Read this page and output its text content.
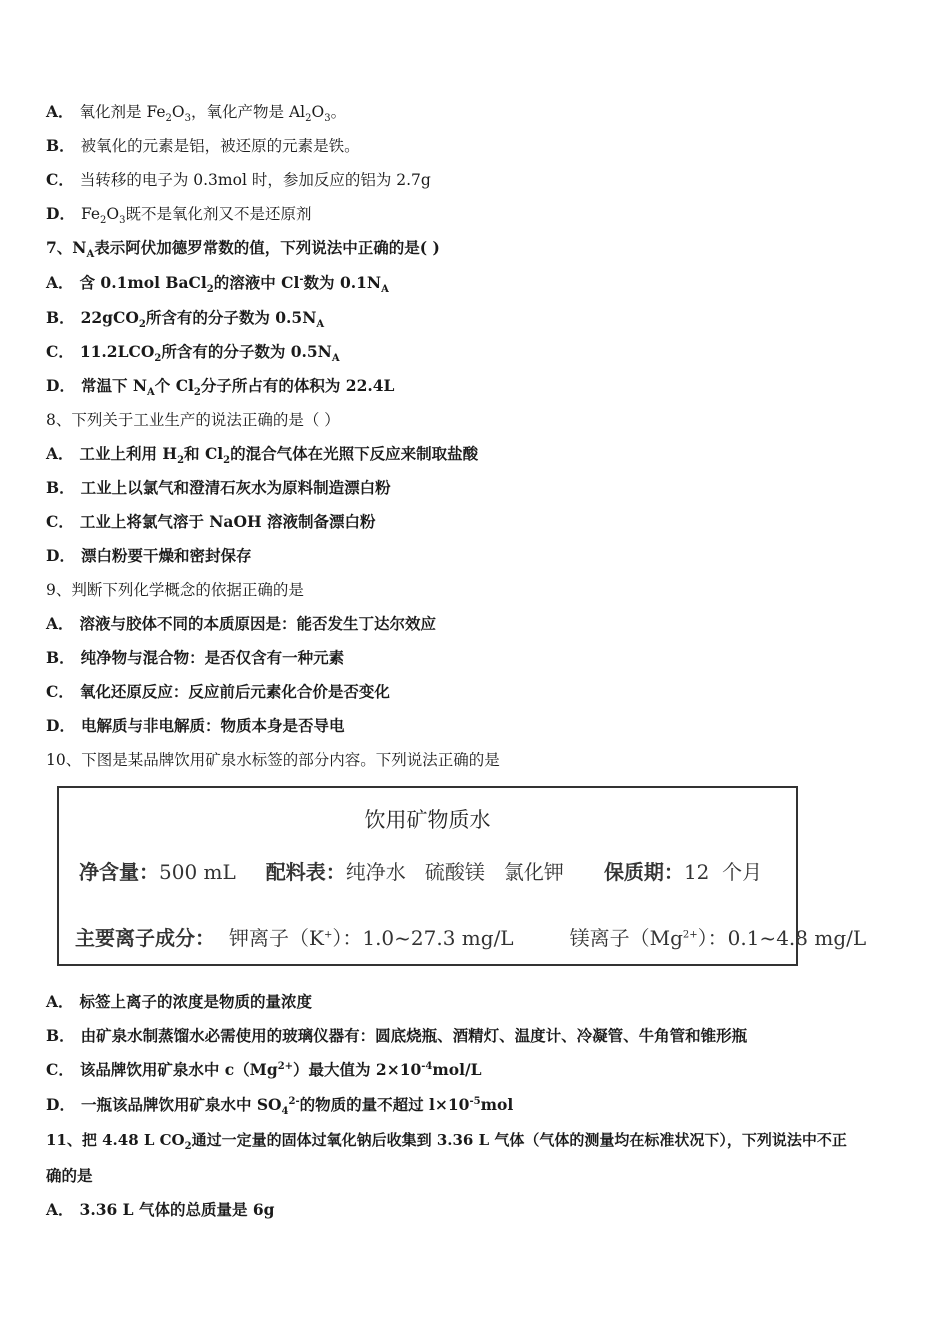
A． 氧化剂是 $Fe_2O_3$，氧化产物是 $Al_2O_3$。
B． 被氧化的元素是铝，被还原的元素是铁。
C． 当转移的电子为 0.3mol 时，参加反应的铝为 2.7g
D． $Fe_2O_3$既不是氧化剂又不是还原剂
7、$N_A$表示阿伏加德罗常数的值，下列说法中正确的是( )
A． 含 0.1mol BaCl$_2$的溶液中 Cl-数为 $0.1N_A$
B． 22gCO$_2$所含有的分子数为 $0.5N_A$
C． $11.2LCO_2$所含有的分子数为 $0.5N_A$
D． 常温下 $N_A$个 $Cl_2$分子所占有的体积为 22.4L
8、下列关于工业生产的说法正确的是（ ）
A． 工业上利用 $H_2$和 $Cl_2$的混合气体在光照下反应来制取盐酸
B． 工业上以氯气和澄清石灰水为原料制造漂白粉
C． 工业上将氯气溶于 NaOH 溶液制备漂白粉
D． 漂白粉要干燥和密封保存
9、判断下列化学概念的依据正确的是
A． 溶液与胶体不同的本质原因是：能否发生丁达尔效应
B． 纯净物与混合物：是否仅含有一种元素
C． 氧化还原反应：反应前后元素化合价是否变化
D． 电解质与非电解质：物质本身是否导电
10、下图是某品牌饮用矿泉水标签的部分内容。下列说法正确的是
饮用矿物质水
净含量：500 mL 配料表：纯净水   硫酸镁   氯化钾 保质期：12  个月
主要离子成分： 钾离子（K+）：1.0~27.3 mg/L	镁离子$(Mg^{2+})$：0.1~4.8 mg/L
A． 标签上离子的浓度是物质的量浓度
B． 由矿泉水制蒸馏水必需使用的玻璃仪器有：圆底烧瓶、酒精灯、温度计、冷凝管、牛角管和锥形瓶
C． 该品牌饮用矿泉水中 $c(Mg^{2+})$最大值为 $2\times 10^{-4}mol/L$
D． 一瓶该品牌饮用矿泉水中 $SO_4^{2-}$的物质的量不超过 $l\times 10^{-5}mol$
11、把 4.48 L $CO_2$通过一定量的固体过氧化钠后收集到 3.36 L 气体（气体的测量均在标准状况下），下列说法中不正
确的是
A． 3.36 L 气体的总质量是 6g
